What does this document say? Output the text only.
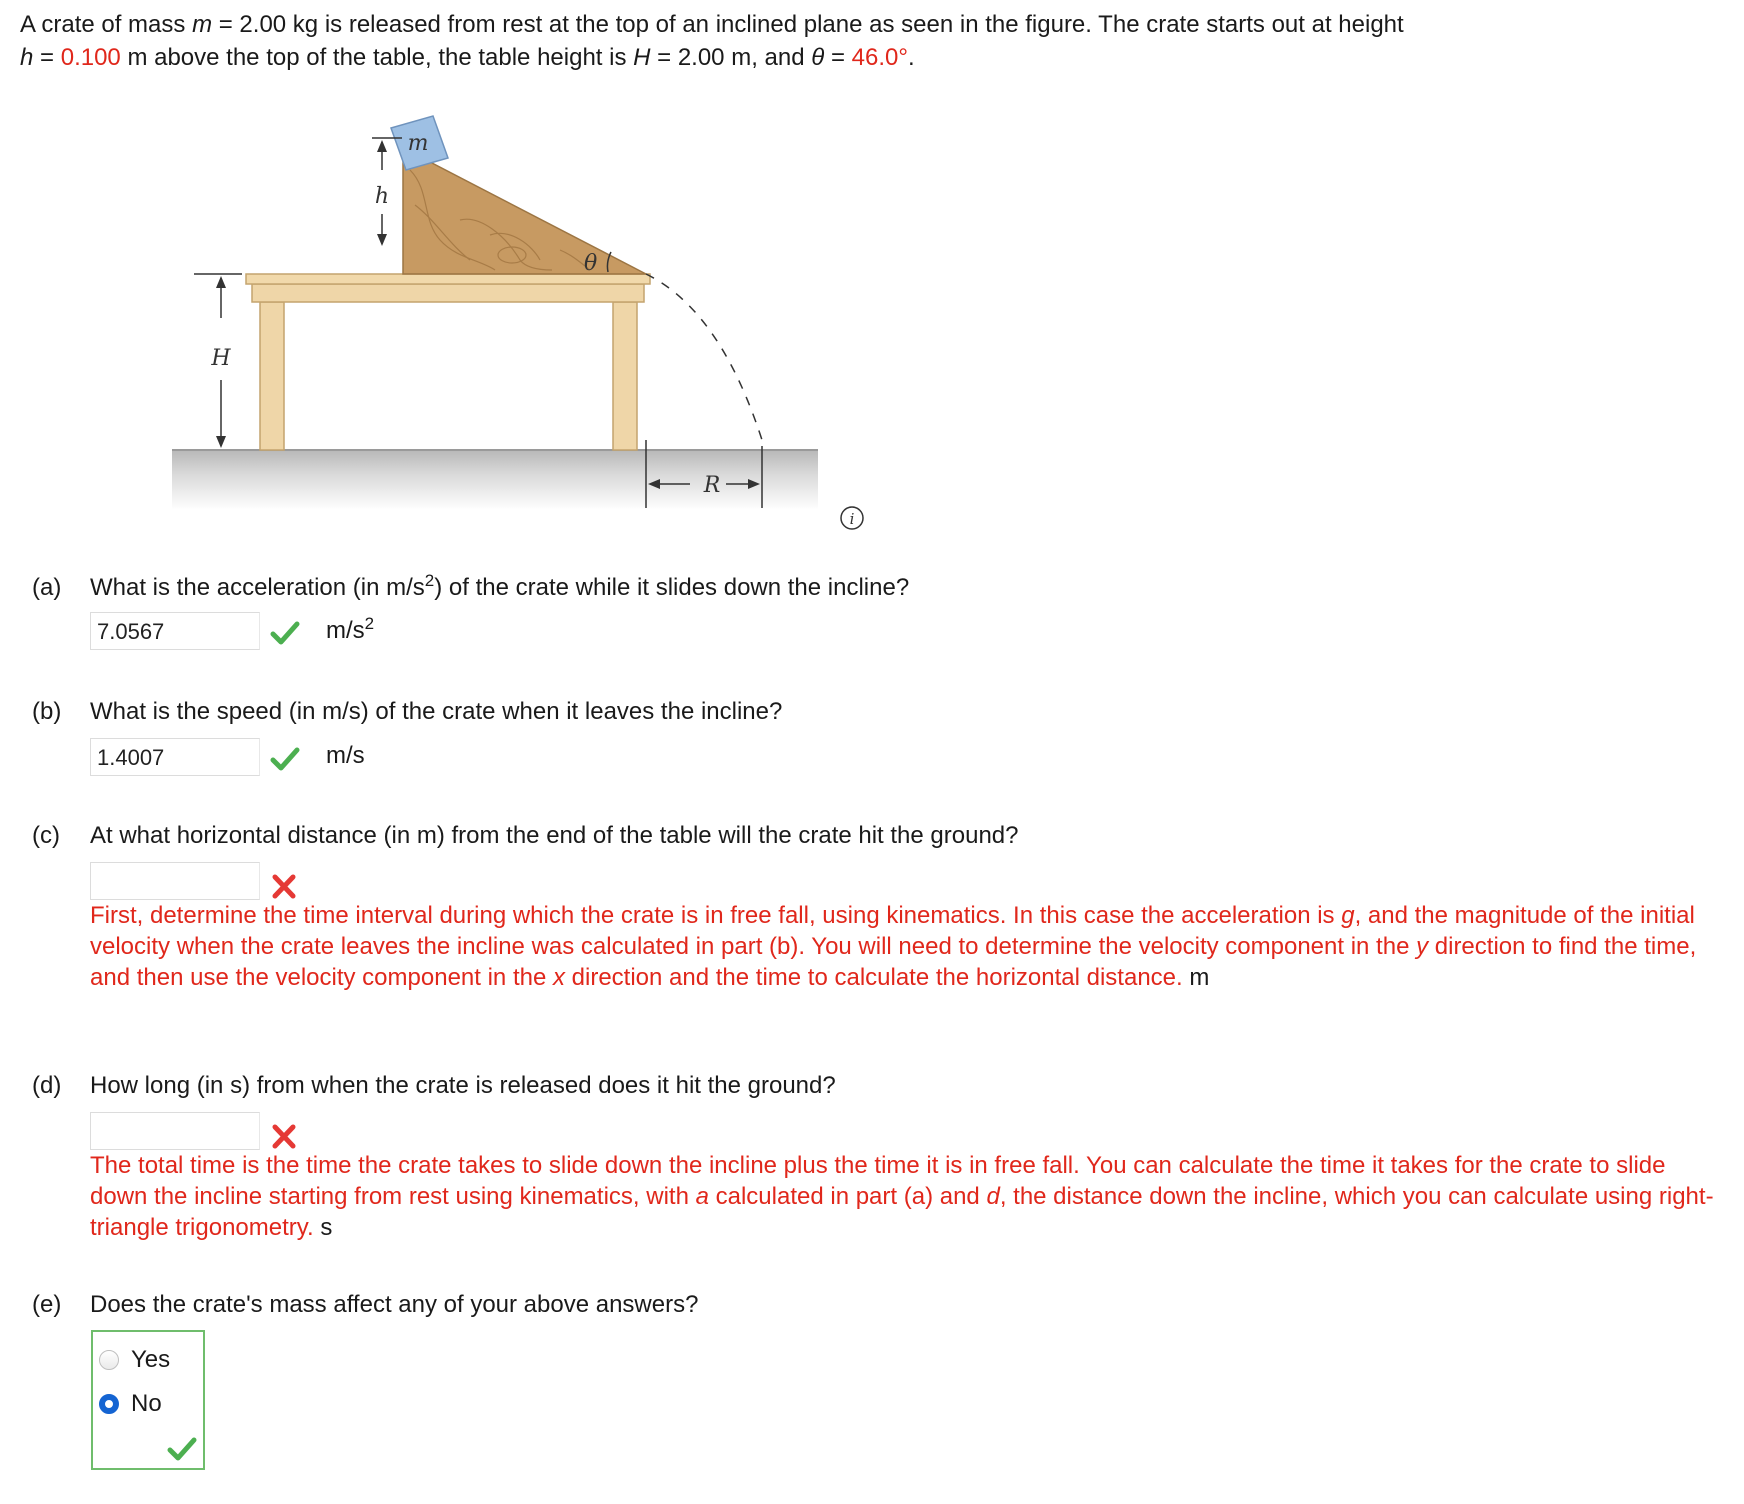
A crate of mass m = 2.00 kg is released from rest at the top of an inclined plane as seen in the figure. The crate starts out at height
h = 0.100 m above the top of the table, the table height is H = 2.00 m, and θ = 46.0°.
m
θ
h
H
R
i
(a) What is the acceleration (in $m/s^2$) of the crate while it slides down the incline?
7.0567	$m/s^2$
(b) What is the speed (in m/s) of the crate when it leaves the incline?
1.4007	m/s
(c) At what horizontal distance (in m) from the end of the table will the crate hit the ground?
First, determine the time interval during which the crate is in free fall, using kinematics. In this case the acceleration is g, and the magnitude of the initial velocity when the crate leaves the incline was calculated in part (b). You will need to determine the velocity component in the y direction to find the time, and then use the velocity component in the x direction and the time to calculate the horizontal distance. m
(d) How long (in s) from when the crate is released does it hit the ground?
The total time is the time the crate takes to slide down the incline plus the time it is in free fall. You can calculate the time it takes for the crate to slide down the incline starting from rest using kinematics, with a calculated in part (a) and d, the distance down the incline, which you can calculate using right-triangle trigonometry. s
(e) Does the crate's mass affect any of your above answers?
Yes
No
